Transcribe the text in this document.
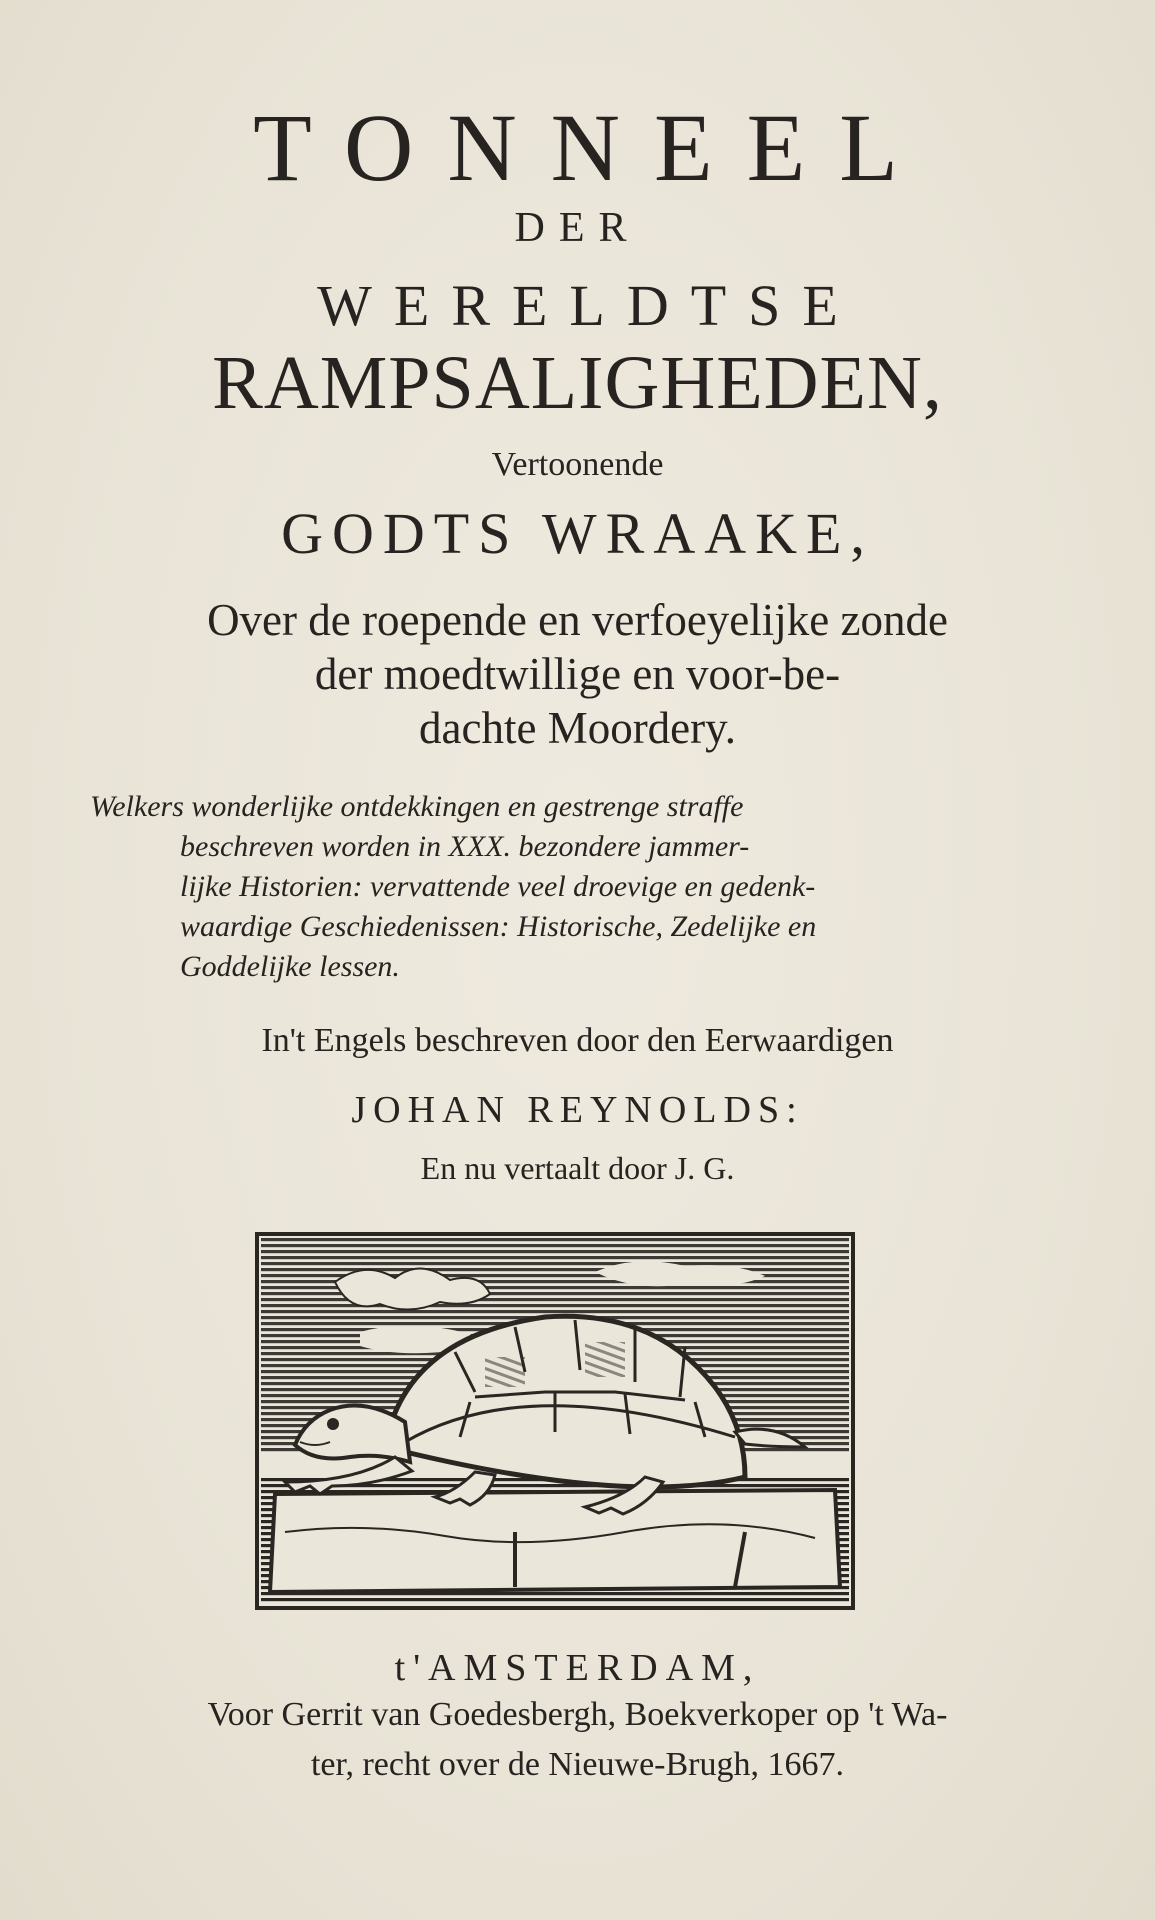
TONNEEL
DER
WERELDTSE
RAMPSALIGHEDEN,
Vertoonende
GODTS WRAAKE,
Over de roepende en verfoeyelijke zonde
der moedtwillige en voor-be-
dachte Moordery.
Welkers wonderlijke ontdekkingen en gestrenge straffe
beschreven worden in XXX. bezondere jammer-
lijke Historien: vervattende veel droevige en gedenk-
waardige Geschiedenissen: Historische, Zedelijke en
Goddelijke lessen.
In't Engels beschreven door den Eerwaardigen
JOHAN REYNOLDS:
En nu vertaalt door J. G.
t'AMSTERDAM,
Voor Gerrit van Goedesbergh, Boekverkoper op 't Wa-
ter, recht over de Nieuwe-Brugh, 1667.
